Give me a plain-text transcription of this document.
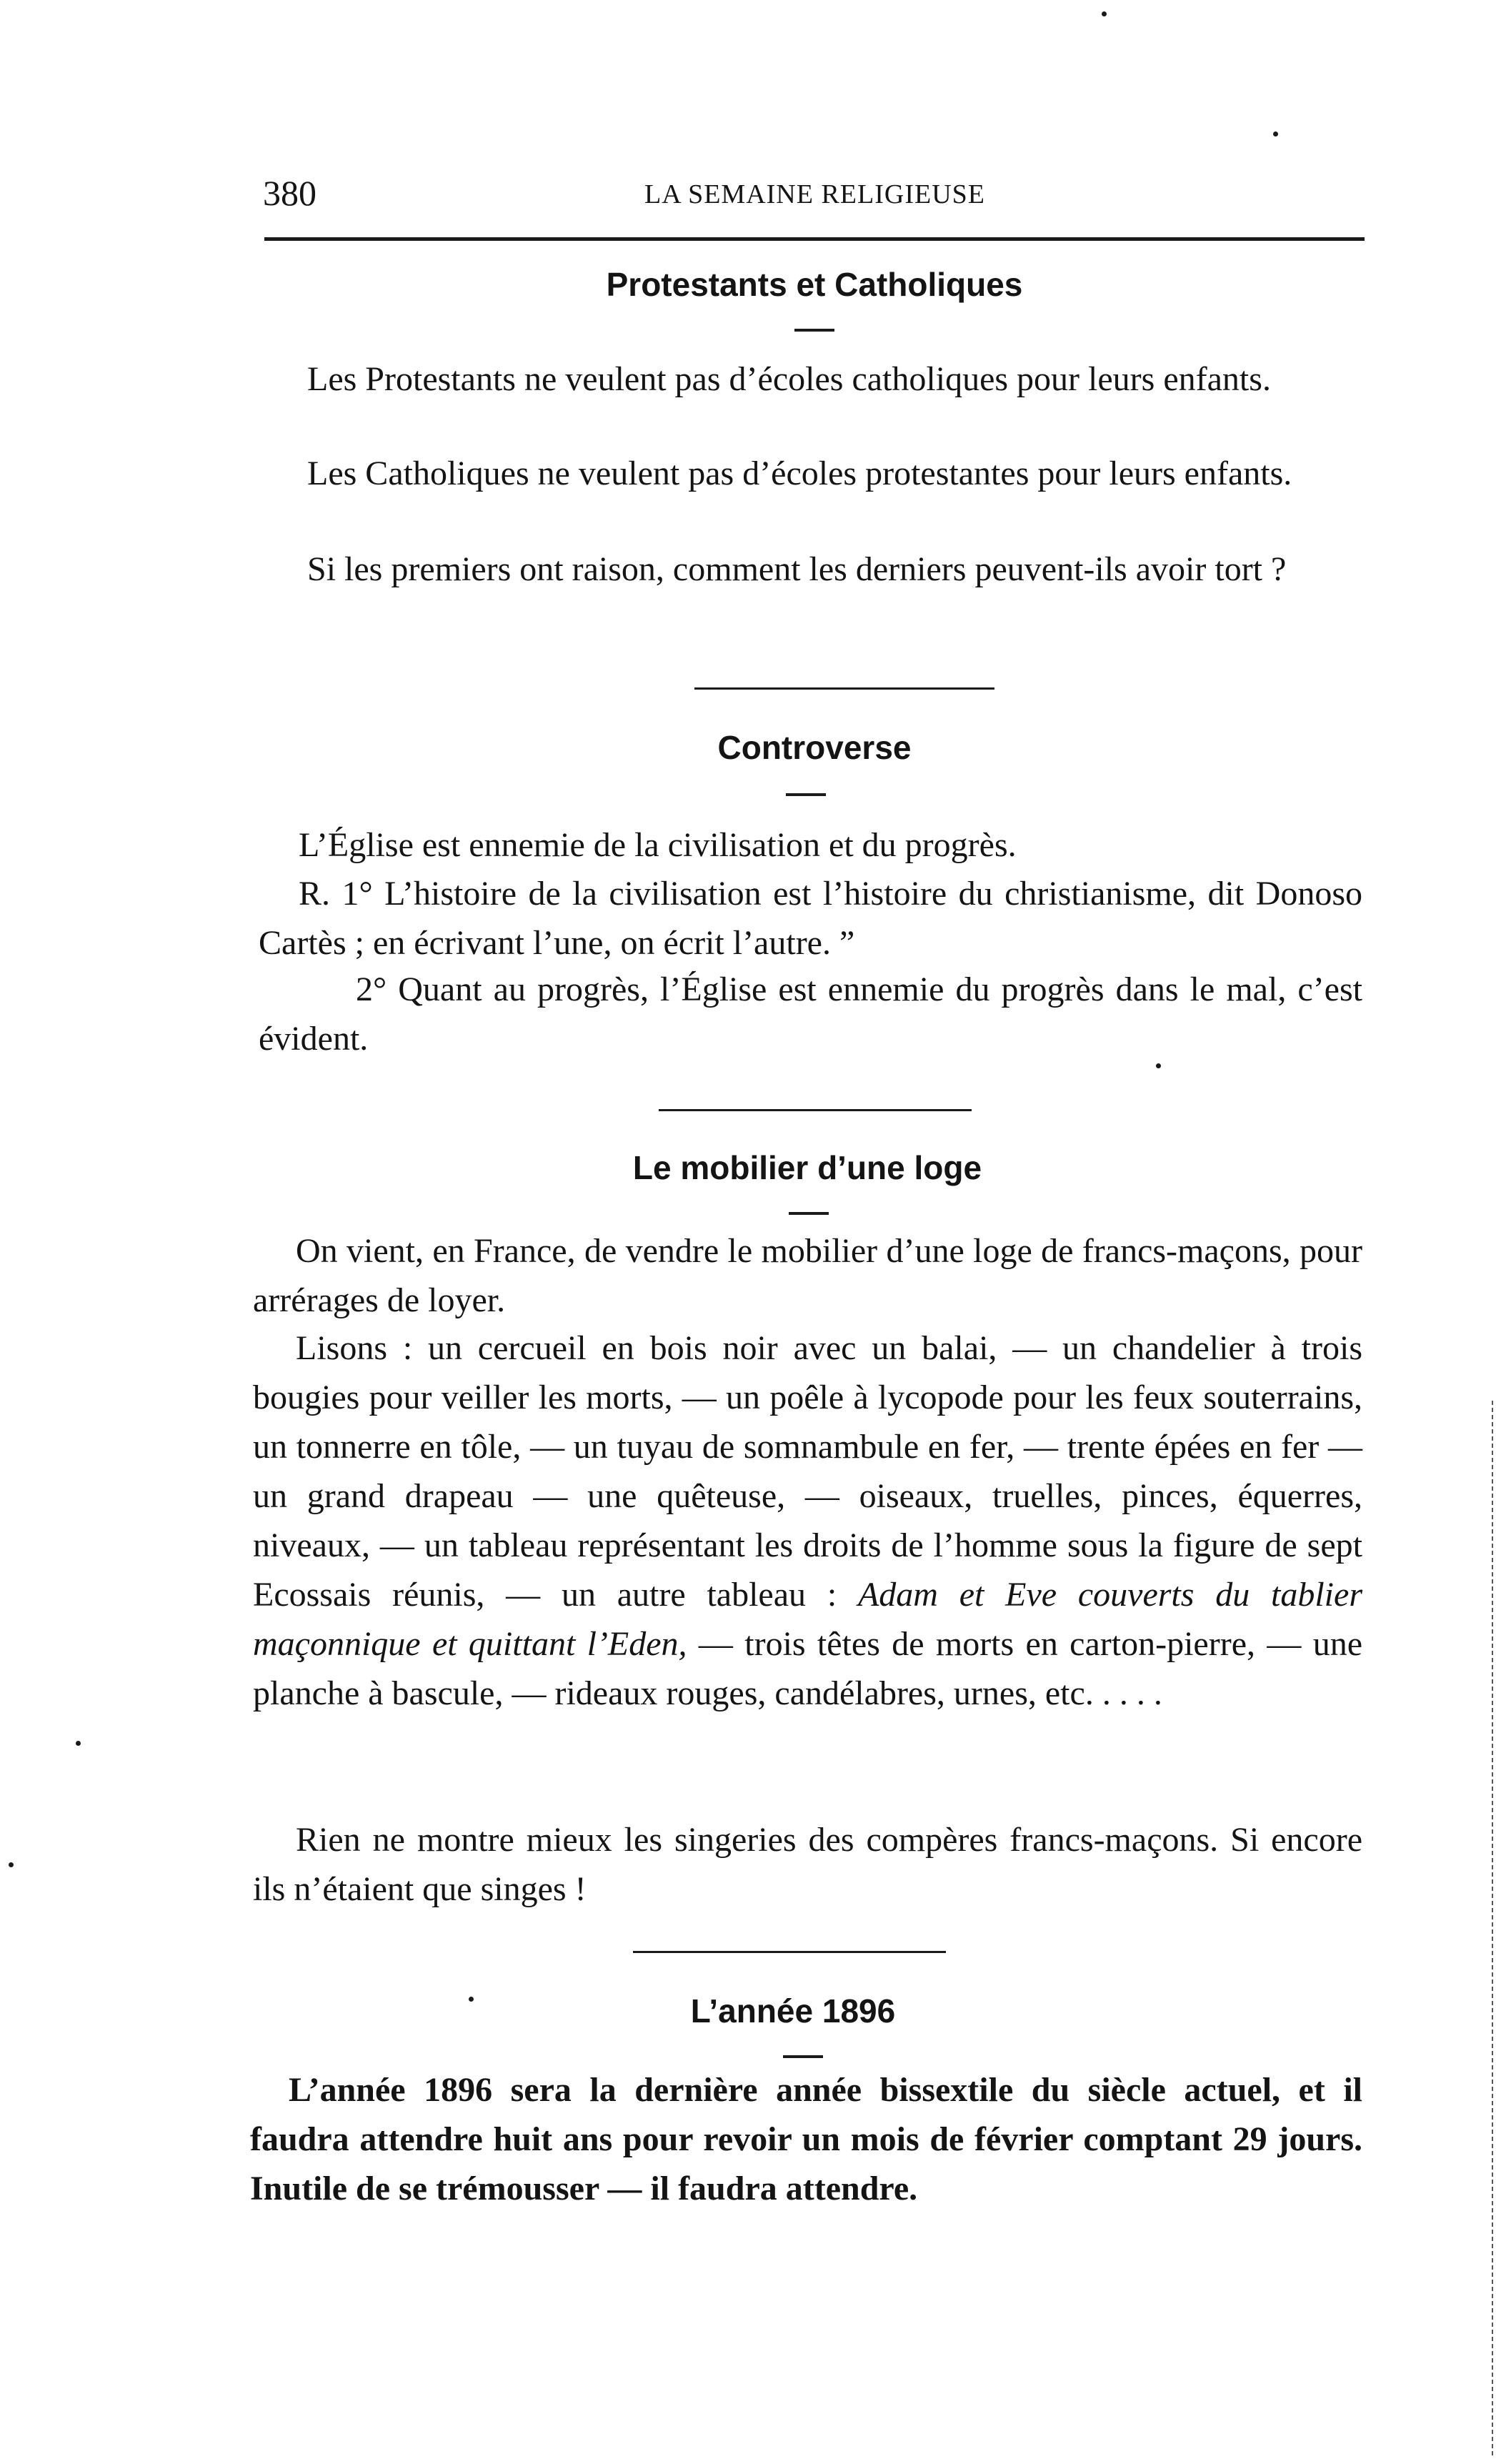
380	LA SEMAINE RELIGIEUSE
Protestants et Catholiques

Les Protestants ne veulent pas d’écoles catholiques pour leurs enfants.

Les Catholiques ne veulent pas d’écoles protestantes pour leurs enfants.

Si les premiers ont raison, comment les derniers peuvent-ils avoir tort ?

Controverse

L’Église est ennemie de la civilisation et du progrès.

R. 1° L’histoire de la civilisation est l’histoire du christianisme, dit Donoso Cartès ; en écrivant l’une, on écrit l’autre. ”

2° Quant au progrès, l’Église est ennemie du progrès dans le mal, c’est évident.

Le mobilier d’une loge

On vient, en France, de vendre le mobilier d’une loge de francs-maçons, pour arrérages de loyer.

Lisons : un cercueil en bois noir avec un balai, — un chandelier à trois bougies pour veiller les morts, — un poêle à lycopode pour les feux souterrains, un tonnerre en tôle, — un tuyau de somnambule en fer, — trente épées en fer — un grand drapeau — une quêteuse, — oiseaux, truelles, pinces, équerres, niveaux, — un tableau représentant les droits de l’homme sous la figure de sept Ecossais réunis, — un autre tableau : Adam et Eve couverts du tablier maçonnique et quittant l’Eden, — trois têtes de morts en carton-pierre, — une planche à bascule, — rideaux rouges, candélabres, urnes, etc. . . . .

Rien ne montre mieux les singeries des compères francs-maçons. Si encore ils n’étaient que singes !

L’année 1896

L’année 1896 sera la dernière année bissextile du siècle actuel, et il faudra attendre huit ans pour revoir un mois de février comptant 29 jours. Inutile de se trémousser — il faudra attendre.
